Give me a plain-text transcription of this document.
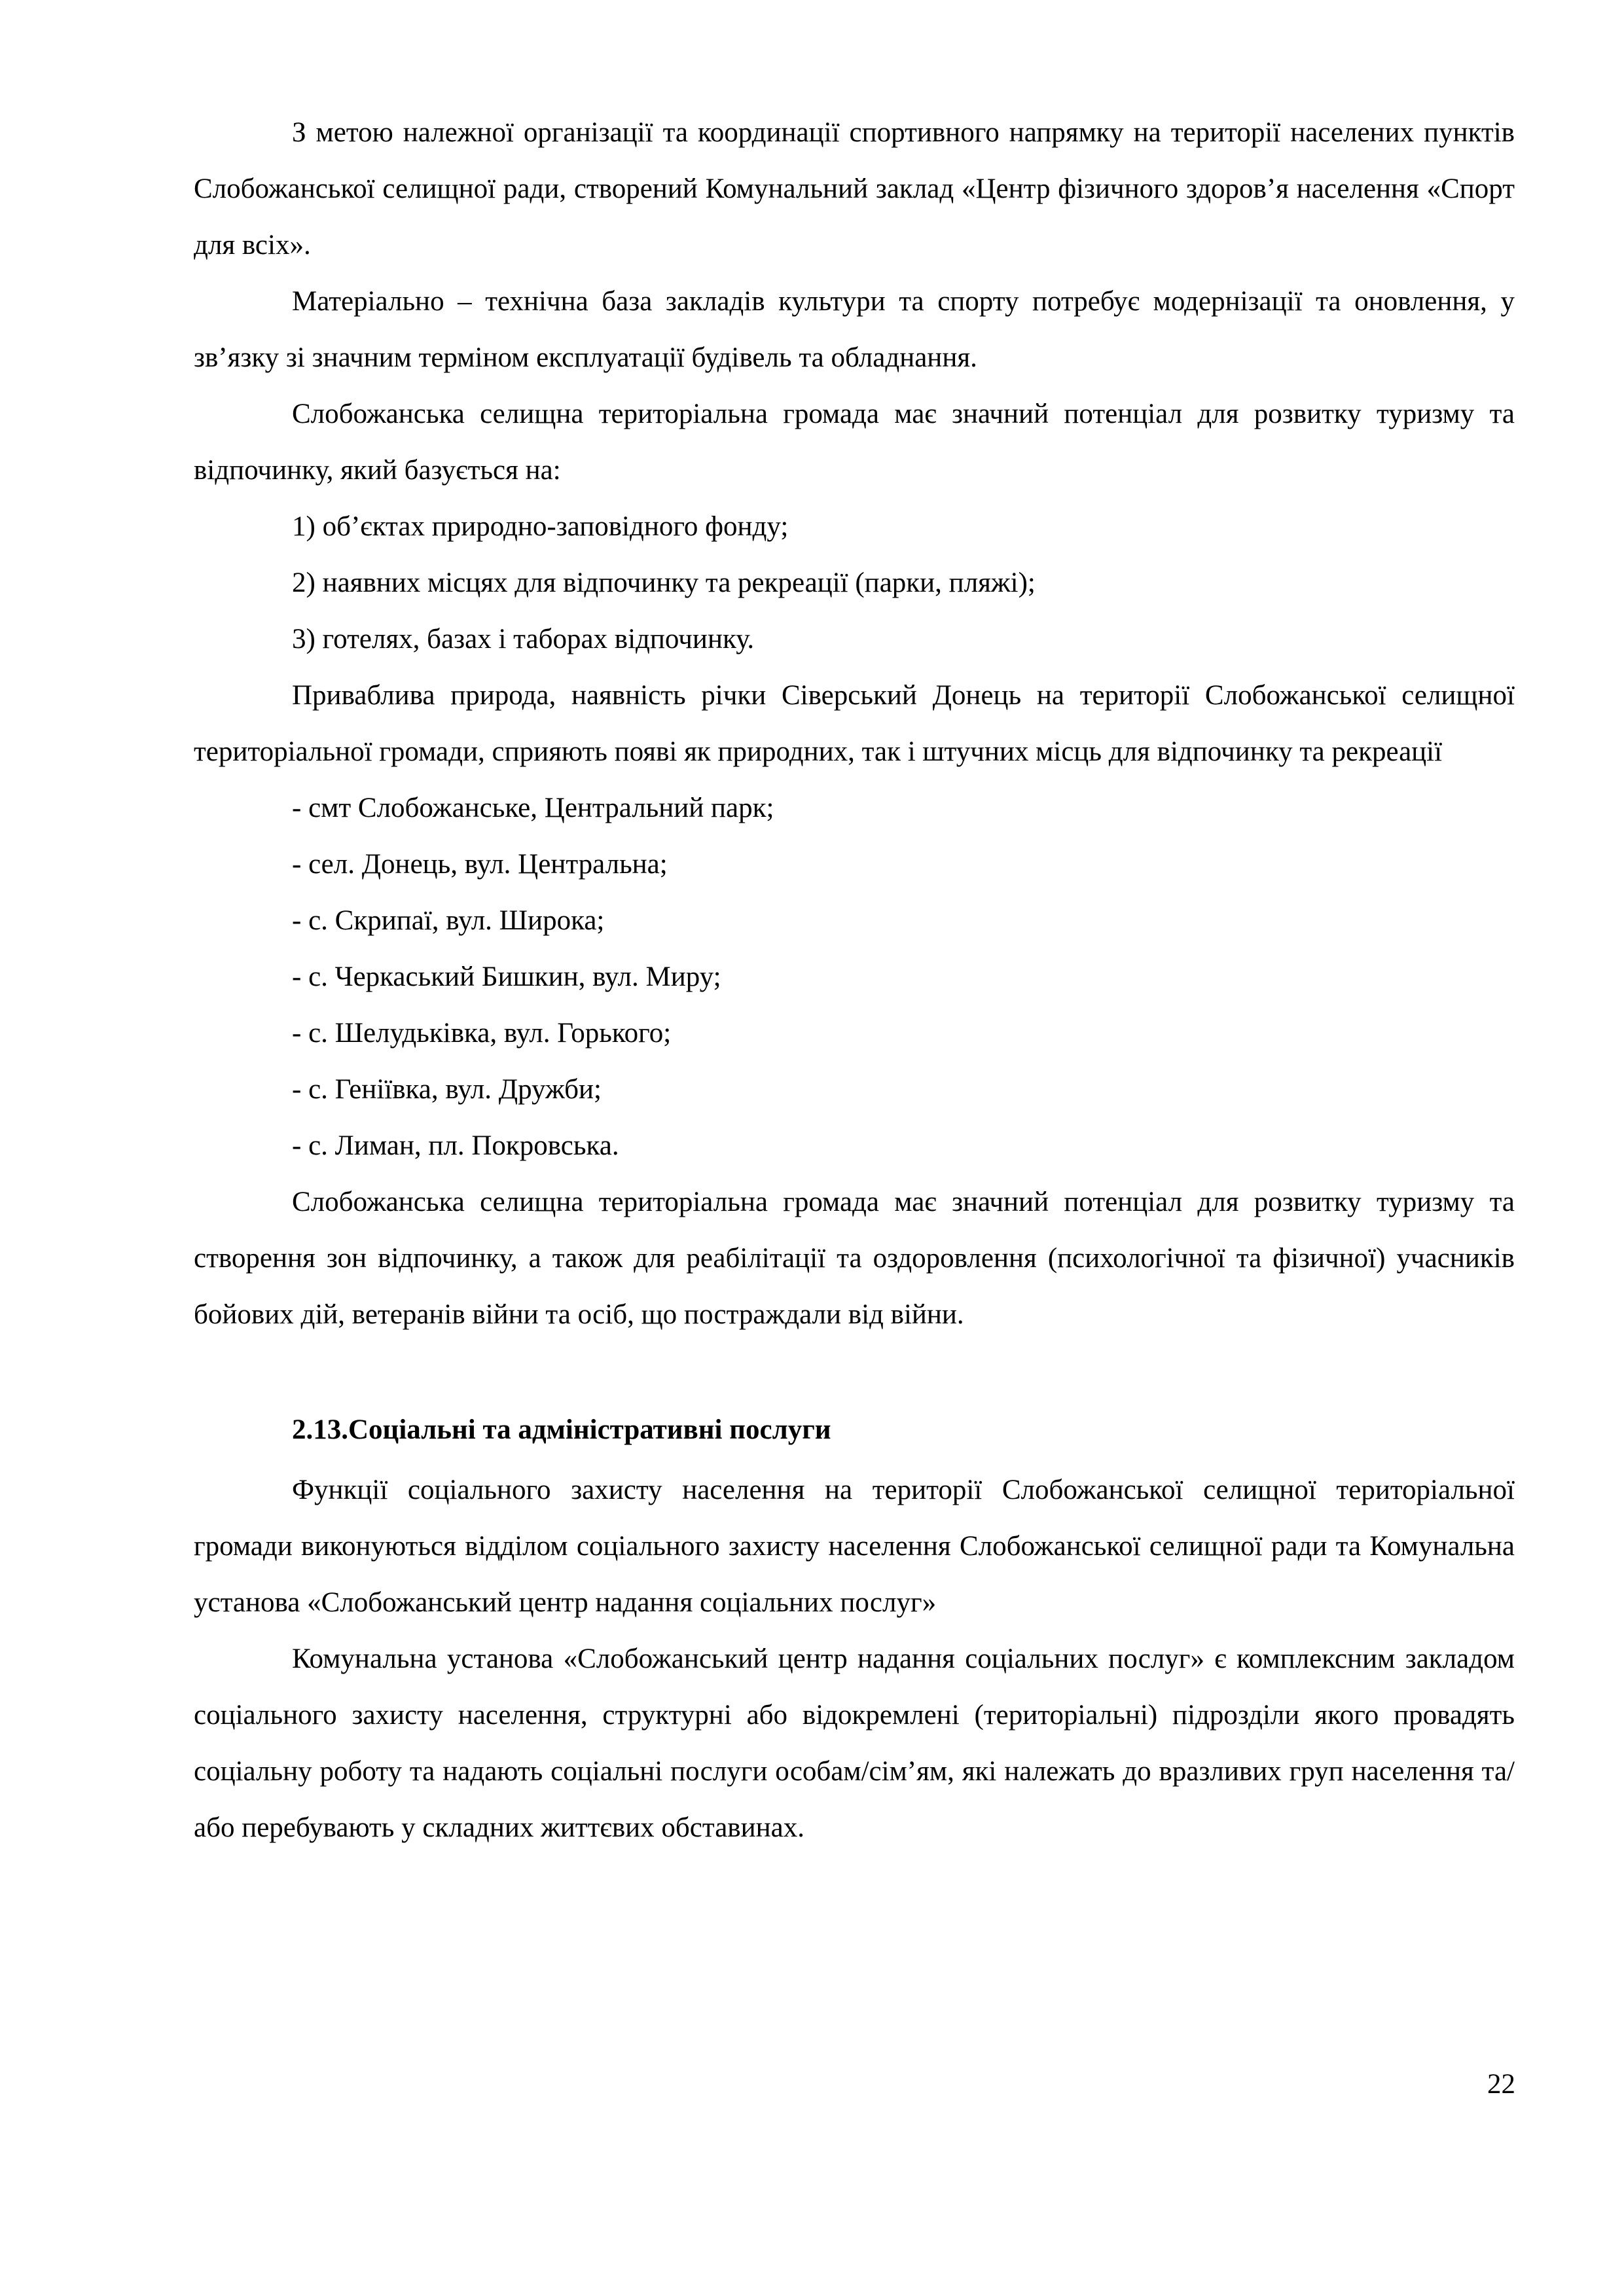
З метою належної організації та координації спортивного напрямку на території населених пунктів Слобожанської селищної ради, створений Комунальний заклад «Центр фізичного здоров’я населення «Спорт для всіх».

Матеріально – технічна база закладів культури та спорту потребує модернізації та оновлення, у зв’язку зі значним терміном експлуатації будівель та обладнання.

Слобожанська селищна територіальна громада має значний потенціал для розвитку туризму та відпочинку, який базується на:

1) об’єктах природно-заповідного фонду;
2) наявних місцях для відпочинку та рекреації (парки, пляжі);
3) готелях, базах і таборах відпочинку.

Приваблива природа, наявність річки Сіверський Донець на території Слобожанської селищної територіальної громади, сприяють появі як природних, так і штучних місць для відпочинку та рекреації

- смт Слобожанське, Центральний парк;
- сел. Донець, вул. Центральна;
- с. Скрипаї, вул. Широка;
- с. Черкаський Бишкин, вул. Миру;
- с. Шелудьківка, вул. Горького;
- с. Геніївка, вул. Дружби;
- с. Лиман, пл. Покровська.

Слобожанська селищна територіальна громада має значний потенціал для розвитку туризму та створення зон відпочинку, а також для реабілітації та оздоровлення (психологічної та фізичної) учасників бойових дій, ветеранів війни та осіб, що постраждали від війни.

2.13.Соціальні та адміністративні послуги

Функції соціального захисту населення на території Слобожанської селищної територіальної громади виконуються відділом соціального захисту населення Слобожанської селищної ради та Комунальна установа «Слобожанський центр надання соціальних послуг»

Комунальна установа «Слобожанський центр надання соціальних послуг» є комплексним закладом соціального захисту населення, структурні або відокремлені (територіальні) підрозділи якого провадять соціальну роботу та надають соціальні послуги особам/сім’ям, які належать до вразливих груп населення та/або перебувають у складних життєвих обставинах.

22
